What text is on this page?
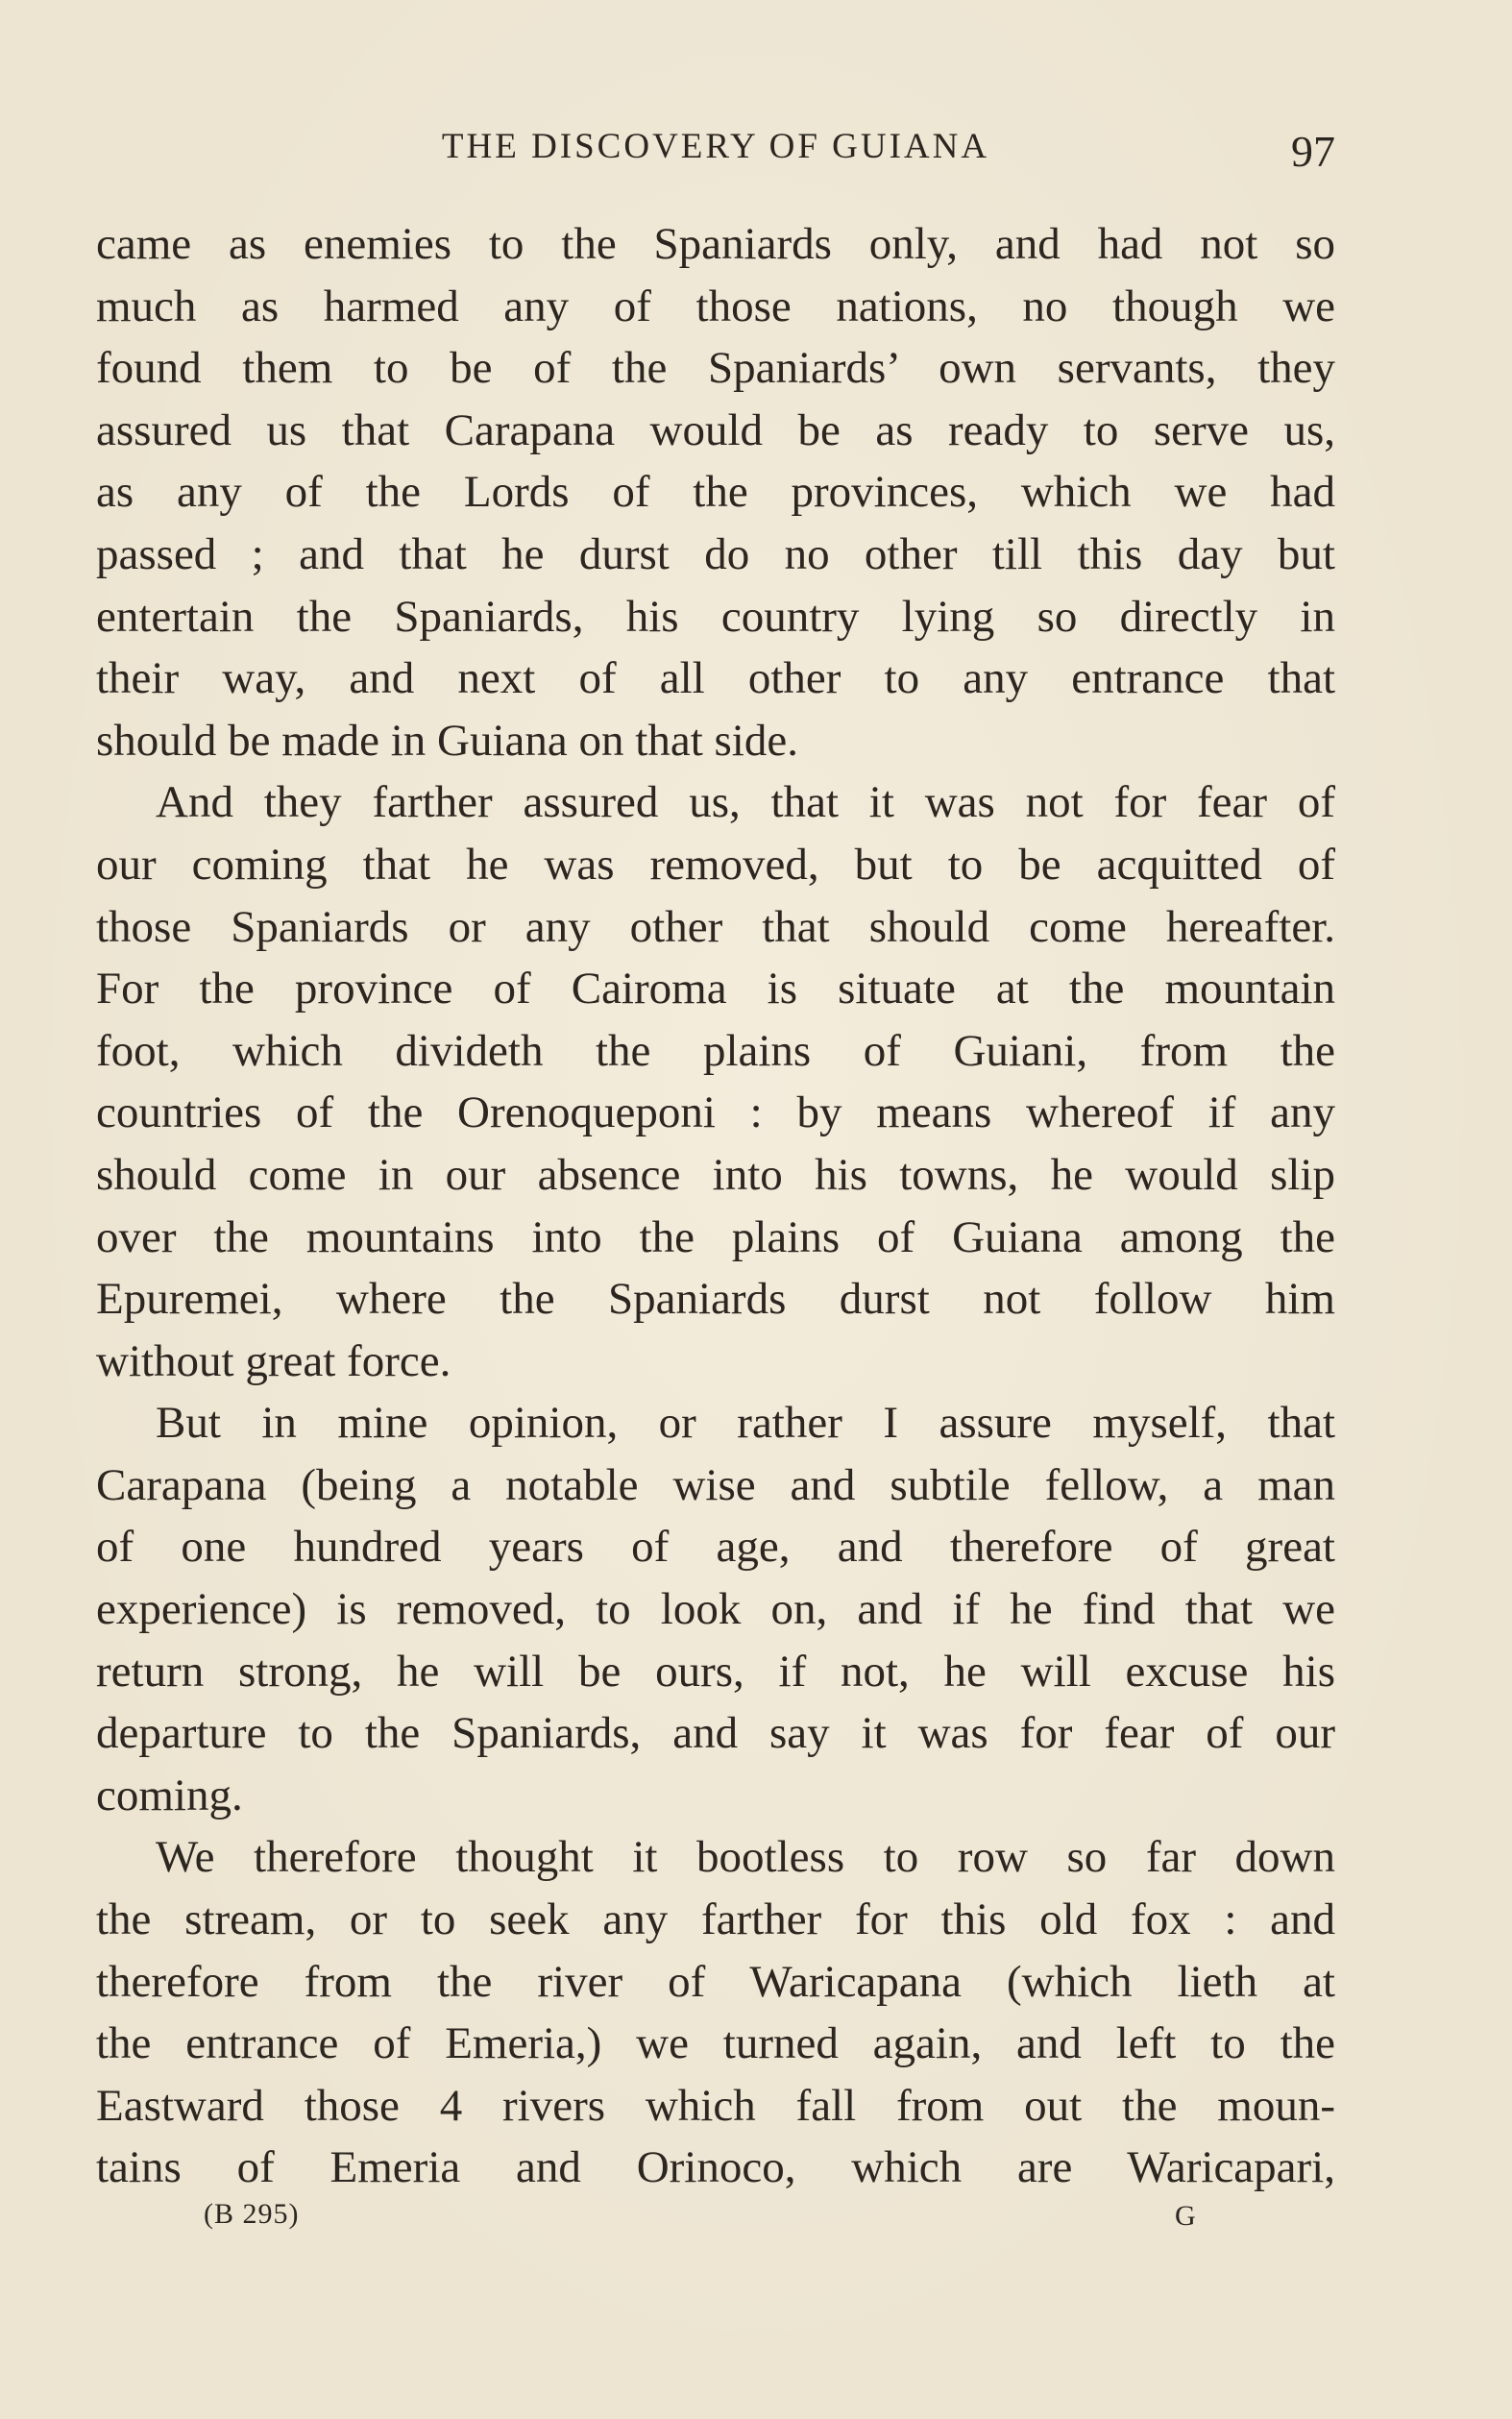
THE DISCOVERY OF GUIANA	97
came as enemies to the Spaniards only, and had not so
much as harmed any of those nations, no though we
found them to be of the Spaniards’ own servants, they
assured us that Carapana would be as ready to serve us,
as any of the Lords of the provinces, which we had
passed ; and that he durst do no other till this day but
entertain the Spaniards, his country lying so directly in
their way, and next of all other to any entrance that
should be made in Guiana on that side.
And they farther assured us, that it was not for fear of
our coming that he was removed, but to be acquitted of
those Spaniards or any other that should come hereafter.
For the province of Cairoma is situate at the mountain
foot, which divideth the plains of Guiani, from the
countries of the Orenoqueponi : by means whereof if any
should come in our absence into his towns, he would slip
over the mountains into the plains of Guiana among the
Epuremei, where the Spaniards durst not follow him
without great force.
But in mine opinion, or rather I assure myself, that
Carapana (being a notable wise and subtile fellow, a man
of one hundred years of age, and therefore of great
experience) is removed, to look on, and if he find that we
return strong, he will be ours, if not, he will excuse his
departure to the Spaniards, and say it was for fear of our
coming.
We therefore thought it bootless to row so far down
the stream, or to seek any farther for this old fox : and
therefore from the river of Waricapana (which lieth at
the entrance of Emeria,) we turned again, and left to the
Eastward those 4 rivers which fall from out the moun-
tains of Emeria and Orinoco, which are Waricapari,
(B 295)	G
